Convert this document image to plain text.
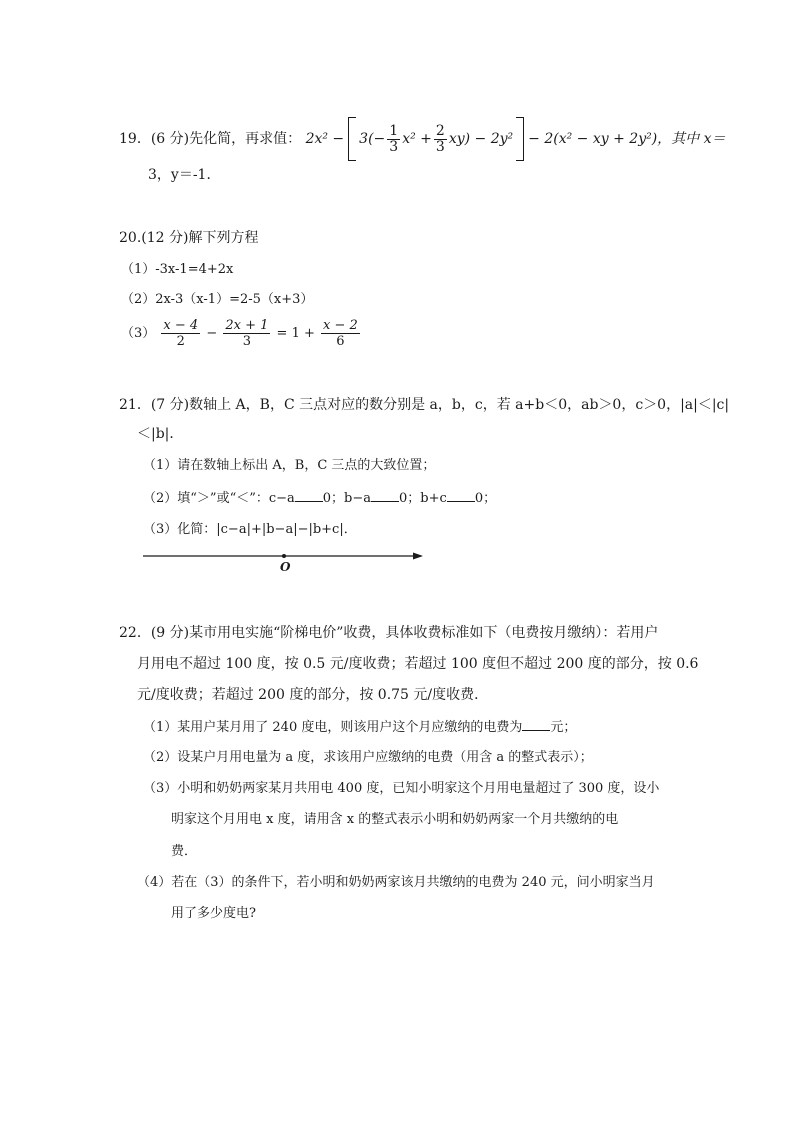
19．(6 分)先化简，再求值： $2x^2 - 3(- \frac{1}{3} x^2 + \frac{2}{3} xy) - 2y^2 - 2(x^2$ − xy + 2y²)，其中 x＝
3，y＝-1．
20.(12 分)解下列方程
（1）-3x-1=4+2x
（2）2x-3（x-1）=2-5（x+3）
$(3) \frac{x - 4}{2} - \frac{2x + 1}{3} = 1 + \frac{x - 2}{6}$
21．(7 分)数轴上 A，B，C 三点对应的数分别是 a，b，c，若 a+b＜0，ab＞0，c＞0，|a|＜|c|
＜|b|．
（1）请在数轴上标出 A，B，C 三点的大致位置；
（2）填“＞”或“＜”：c−a 0；b−a 0；b+c 0；
（3）化简：|c−a|+|b−a|−|b+c|．
O
22．(9 分)某市用电实施“阶梯电价”收费，具体收费标准如下（电费按月缴纳）：若用户
月用电不超过 100 度，按 0.5 元/度收费；若超过 100 度但不超过 200 度的部分，按 0.6
元/度收费；若超过 200 度的部分，按 0.75 元/度收费．
（1）某用户某月用了 240 度电，则该用户这个月应缴纳的电费为 元；
（2）设某户月用电量为 a 度，求该用户应缴纳的电费（用含 a 的整式表示）；
（3）小明和奶奶两家某月共用电 400 度，已知小明家这个月用电量超过了 300 度，设小
明家这个月用电 x 度，请用含 x 的整式表示小明和奶奶两家一个月共缴纳的电
费．
（4）若在（3）的条件下，若小明和奶奶两家该月共缴纳的电费为 240 元，问小明家当月
用了多少度电?
